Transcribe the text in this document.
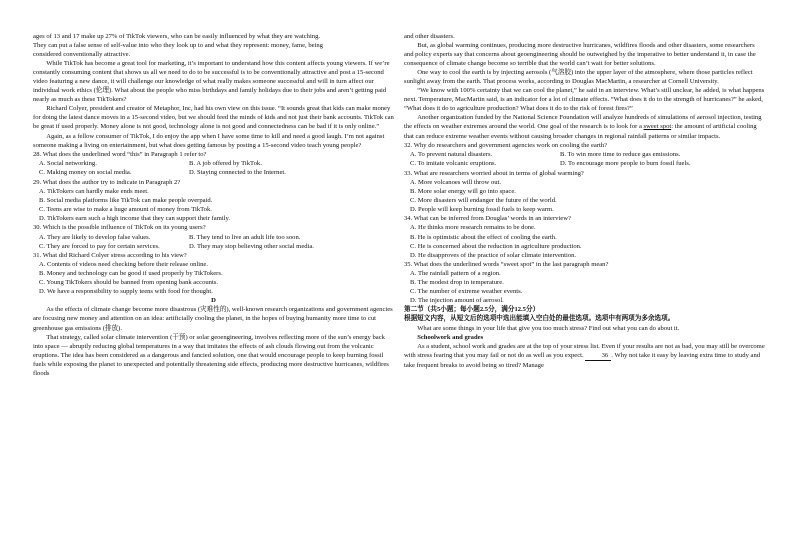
ages of 13 and 17 make up 27% of TikTok viewers, who can be easily influenced by what they are watching.

They can put a false sense of self-value into who they look up to and what they represent: money, fame, being

considered conventionally attractive.

While TikTok has become a great tool for marketing, it’s important to understand how this content affects young viewers. If we’re constantly consuming content that shows us all we need to do to be successful is to be conventionally attractive and post a 15-second video featuring a new dance, it will challenge our knowledge of what really makes someone successful and will in turn affect our individual work ethics (伦理). What about the people who miss birthdays and family holidays due to their jobs and aren’t getting paid nearly as much as these TikTokers?

Richard Colyer, president and creator of Metaphor, Inc, had his own view on this issue. “It sounds great that kids can make money for doing the latest dance moves in a 15-second video, but we should feed the minds of kids and not just their bank accounts. TikTok can be great if used properly. Money alone is not good, technology alone is not good and connectedness can be bad if it is only online.”

Again, as a fellow consumer of TikTok, I do enjoy the app when I have some time to kill and need a good laugh. I’m not against someone making a living on entertainment, but what does getting famous by posting a 15-second video teach young people?

28. What does the underlined word “this” in Paragraph 1 refer to?

A. Social networking.	B. A job offered by TikTok.
C. Making money on social media.	D. Staying connected to the Internet.

29. What does the author try to indicate in Paragraph 2?

A. TikTokers can hardly make ends meet.

B. Social media platforms like TikTok can make people overpaid.

C. Teens are wise to make a huge amount of money from TikTok.

D. TikTokers earn such a high income that they can support their family.

30. Which is the possible influence of TikTok on its young users?

A. They are likely to develop false values.	B. They tend to live an adult life too soon.
C. They are forced to pay for certain services.	D. They may stop believing other social media.

31. What did Richard Colyer stress according to his view?

A. Contents of videos need checking before their release online.

B. Money and technology can be good if used properly by TikTokers.

C. Young TikTokers should be banned from opening bank accounts.

D. We have a responsibility to supply teens with food for thought.

D

As the effects of climate change become more disastrous (灾难性的), well-known research organizations and government agencies are focusing new money and attention on an idea: artificially cooling the planet, in the hopes of buying humanity more time to cut greenhouse gas emissions (排放).

That strategy, called solar climate intervention (干预) or solar geoengineering, involves reflecting more of the sun’s energy back into space — abruptly reducing global temperatures in a way that imitates the effects of ash clouds flowing out from the volcanic eruptions. The idea has been considered as a dangerous and fancied solution, one that would encourage people to keep burning fossil fuels while exposing the planet to unexpected and potentially threatening side effects, producing more destructive hurricanes, wildfires floods

and other disasters.

But, as global warming continues, producing more destructive hurricanes, wildfires floods and other disasters, some researchers and policy experts say that concerns about geoengineering should be outweighed by the imperative to better understand it, in case the consequence of climate change become so terrible that the world can’t wait for better solutions.

One way to cool the earth is by injecting aerosols (气溶胶) into the upper layer of the atmosphere, where those particles reflect sunlight away from the earth. That process works, according to Douglas MacMartin, a researcher at Cornell University.

“We know with 100% certainty that we can cool the planet,” he said in an interview. What’s still unclear, he added, is what happens next. Temperature, MacMartin said, is an indicator for a lot of climate effects. “What does it do to the strength of hurricanes?” he asked, “What does it do to agriculture production? What does it do to the risk of forest fires?”

Another organization funded by the National Science Foundation will analyze hundreds of simulations of aerosol injection, testing the effects on weather extremes around the world. One goal of the research is to look for a sweet spot: the amount of artificial cooling that can reduce extreme weather events without causing broader changes in regional rainfall patterns or similar impacts.

32. Why do researchers and government agencies work on cooling the earth?

A. To prevent natural disasters.	B. To win more time to reduce gas emissions.
C. To imitate volcanic eruptions.	D. To encourage more people to burn fossil fuels.

33. What are researchers worried about in terms of global warming?

A. More volcanoes will throw out.

B. More solar energy will go into space.

C. More disasters will endanger the future of the world.

D. People will keep burning fossil fuels to keep warm.

34. What can be inferred from Douglas’ words in an interview?

A. He thinks more research remains to be done.

B. He is optimistic about the effect of cooling the earth.

C. He is concerned about the reduction in agriculture production.

D. He disapproves of the practice of solar climate intervention.

35. What does the underlined words “sweet spot” in the last paragraph mean?

A. The rainfall pattern of a region.

B. The modest drop in temperature.

C. The number of extreme weather events.

D. The injection amount of aerosol.

第二节（共5小题；每小题2.5分，满分12.5分）

根据短文内容，从短文后的选项中选出能填入空白处的最佳选项。选项中有两项为多余选项。

What are some things in your life that give you too much stress? Find out what you can do about it.

Schoolwork and grades

As a student, school work and grades are at the top of your stress list. Even if your results are not as bad, you may still be overcome with stress fearing that you may fail or not do as well as you expect. 36 . Why not take it easy by leaving extra time to study and take frequent breaks to avoid being so tired? Manage
